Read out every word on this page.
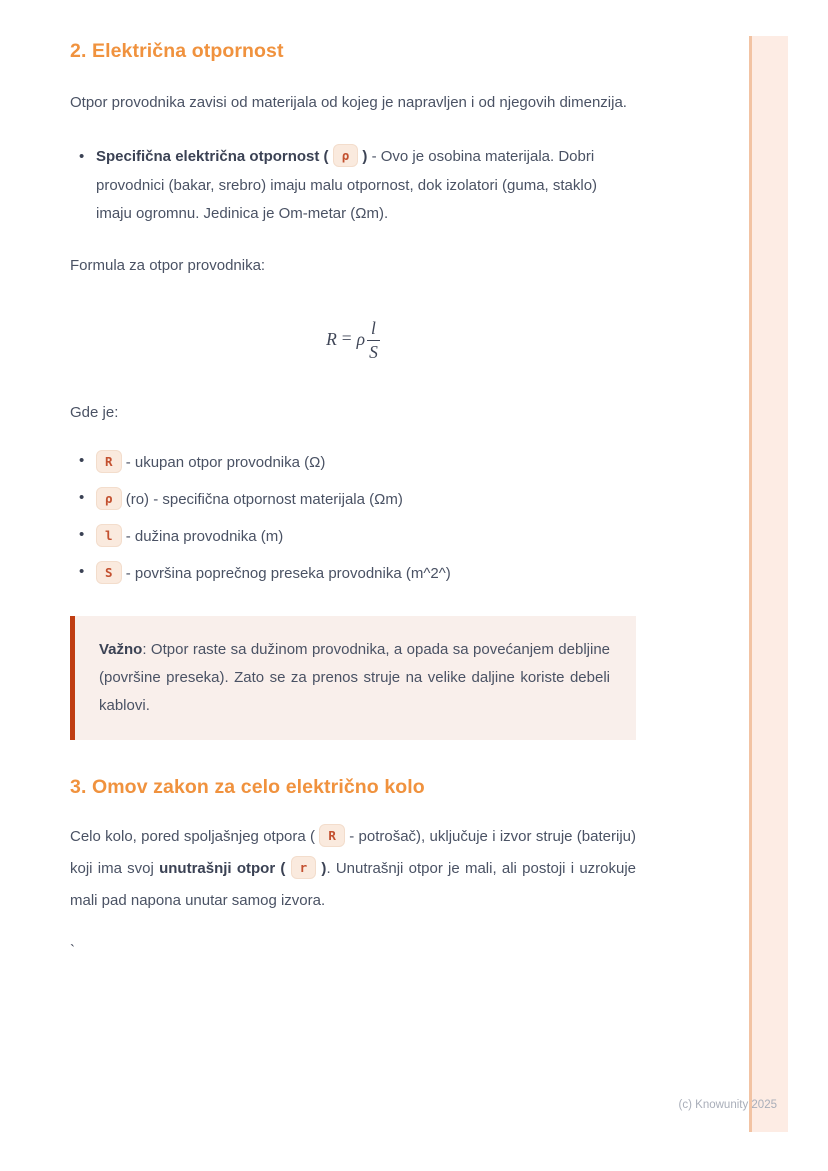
2. Električna otpornost

Otpor provodnika zavisi od materijala od kojeg je napravljen i od njegovih dimenzija.

• Specifična električna otpornost ( ρ ) - Ovo je osobina materijala. Dobri provodnici (bakar, srebro) imaju malu otpornost, dok izolatori (guma, staklo) imaju ogromnu. Jedinica je Om-metar (Ωm).

Formula za otpor provodnika:

R = ρ $\frac{l}{S}$

Gde je:

• R - ukupan otpor provodnika (Ω)
• ρ (ro) - specifična otpornost materijala (Ωm)
• l - dužina provodnika (m)
• S - površina poprečnog preseka provodnika (m^2^)
Važno: Otpor raste sa dužinom provodnika, a opada sa povećanjem debljine (površine preseka). Zato se za prenos struje na velike daljine koriste debeli kablovi.
3. Omov zakon za celo električno kolo

Celo kolo, pored spoljašnjeg otpora ( R - potrošač), uključuje i izvor struje (bateriju) koji ima svoj unutrašnji otpor ( r ). Unutrašnji otpor je mali, ali postoji i uzrokuje mali pad napona unutar samog izvora.

`

(c) Knowunity 2025
